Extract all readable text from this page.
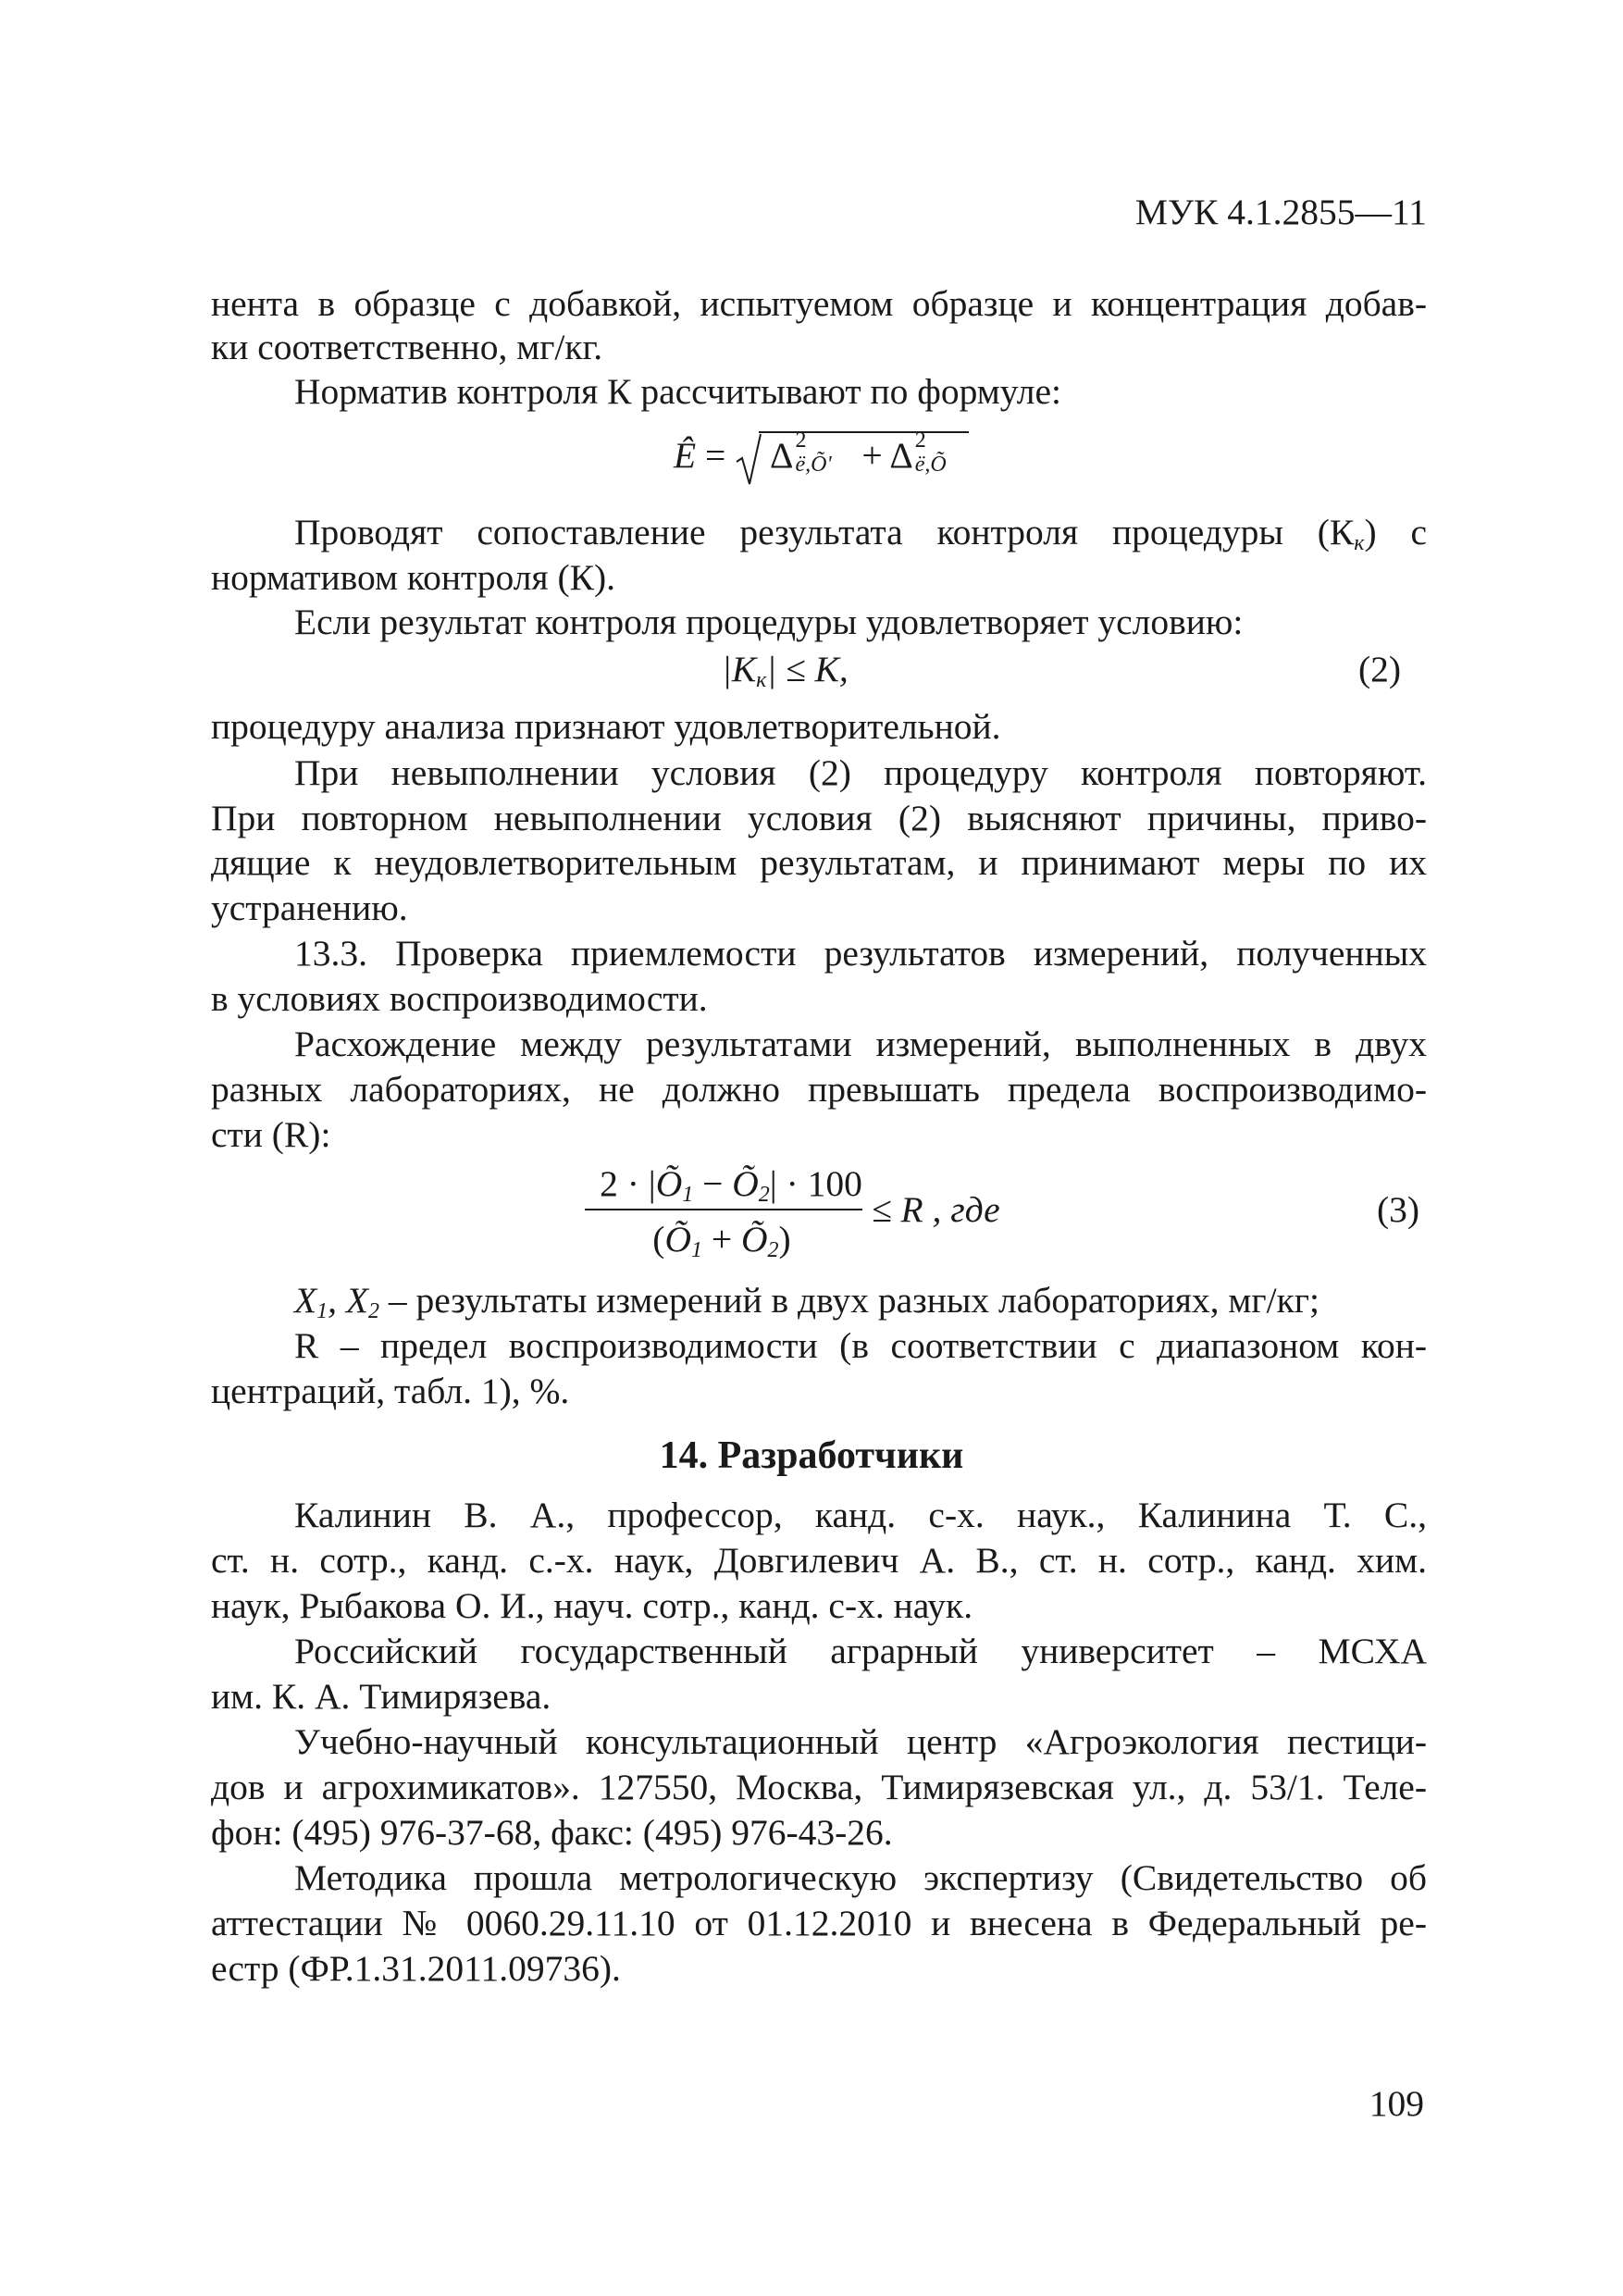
МУК 4.1.2855—11
нента в образце с добавкой, испытуемом образце и концентрация добав-
ки соответственно, мг/кг.
Норматив контроля К рассчитывают по формуле:
Ê = Δ 2
ë,Õ' + Δ 2
ë,Õ
Проводят сопоставление результата контроля процедуры $(К_к)$ с
нормативом контроля (К).
Если результат контроля процедуры удовлетворяет условию:
$|К_к| \le К$,	(2)
процедуру анализа признают удовлетворительной.
При невыполнении условия (2) процедуру контроля повторяют.
При повторном невыполнении условия (2) выясняют причины, приво-
дящие к неудовлетворительным результатам, и принимают меры по их
устранению.
13.3. Проверка приемлемости результатов измерений, полученных
в условиях воспроизводимости.
Расхождение между результатами измерений, выполненных в двух
разных лабораториях, не должно превышать предела воспроизводимо-
сти (R):
$2 \cdot |Õ_1$ − $Õ_2| \cdot 100$
($Õ_1$ + $Õ_2$)
≤ R , где	(3)
$X_1$, $X_2$ – результаты измерений в двух разных лабораториях, мг/кг;
R – предел воспроизводимости (в соответствии с диапазоном кон-
центраций, табл. 1), %.
14. Разработчики
Калинин В. А., профессор, канд. с-х. наук., Калинина Т. С.,
ст. н. сотр., канд. с.-х. наук, Довгилевич А. В., ст. н. сотр., канд. хим.
наук, Рыбакова О. И., науч. сотр., канд. с-х. наук.
Российский государственный аграрный университет – МСХА
им. К. А. Тимирязева.
Учебно-научный консультационный центр «Агроэкология пестици-
дов и агрохимикатов». 127550, Москва, Тимирязевская ул., д. 53/1. Теле-
фон: (495) 976-37-68, факс: (495) 976-43-26.
Методика прошла метрологическую экспертизу (Свидетельство об
аттестации № 0060.29.11.10 от 01.12.2010 и внесена в Федеральный ре-
естр (ФР.1.31.2011.09736).
109
